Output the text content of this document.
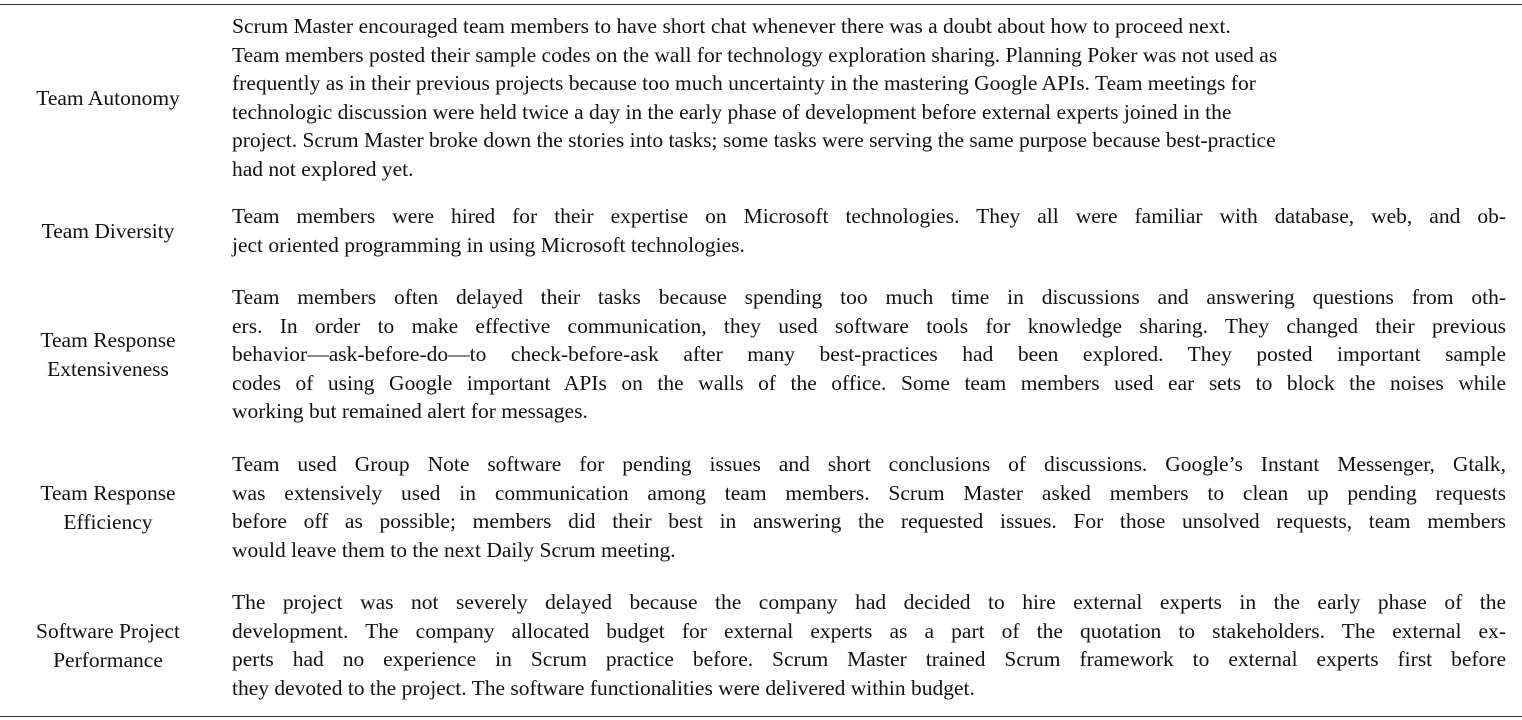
Team Autonomy
Scrum Master encouraged team members to have short chat whenever there was a doubt about how to proceed next.
Team members posted their sample codes on the wall for technology exploration sharing. Planning Poker was not used as
frequently as in their previous projects because too much uncertainty in the mastering Google APIs. Team meetings for
technologic discussion were held twice a day in the early phase of development before external experts joined in the
project. Scrum Master broke down the stories into tasks; some tasks were serving the same purpose because best-practice
had not explored yet.
Team Diversity
Team members were hired for their expertise on Microsoft technologies. They all were familiar with database, web, and ob-
ject oriented programming in using Microsoft technologies.
Team Response
Extensiveness
Team members often delayed their tasks because spending too much time in discussions and answering questions from oth-
ers. In order to make effective communication, they used software tools for knowledge sharing. They changed their previous
behavior—ask-before-do—to check-before-ask after many best-practices had been explored. They posted important sample
codes of using Google important APIs on the walls of the office. Some team members used ear sets to block the noises while
working but remained alert for messages.
Team Response
Efficiency
Team used Group Note software for pending issues and short conclusions of discussions. Google’s Instant Messenger, Gtalk,
was extensively used in communication among team members. Scrum Master asked members to clean up pending requests
before off as possible; members did their best in answering the requested issues. For those unsolved requests, team members
would leave them to the next Daily Scrum meeting.
Software Project
Performance
The project was not severely delayed because the company had decided to hire external experts in the early phase of the
development. The company allocated budget for external experts as a part of the quotation to stakeholders. The external ex-
perts had no experience in Scrum practice before. Scrum Master trained Scrum framework to external experts first before
they devoted to the project. The software functionalities were delivered within budget.
